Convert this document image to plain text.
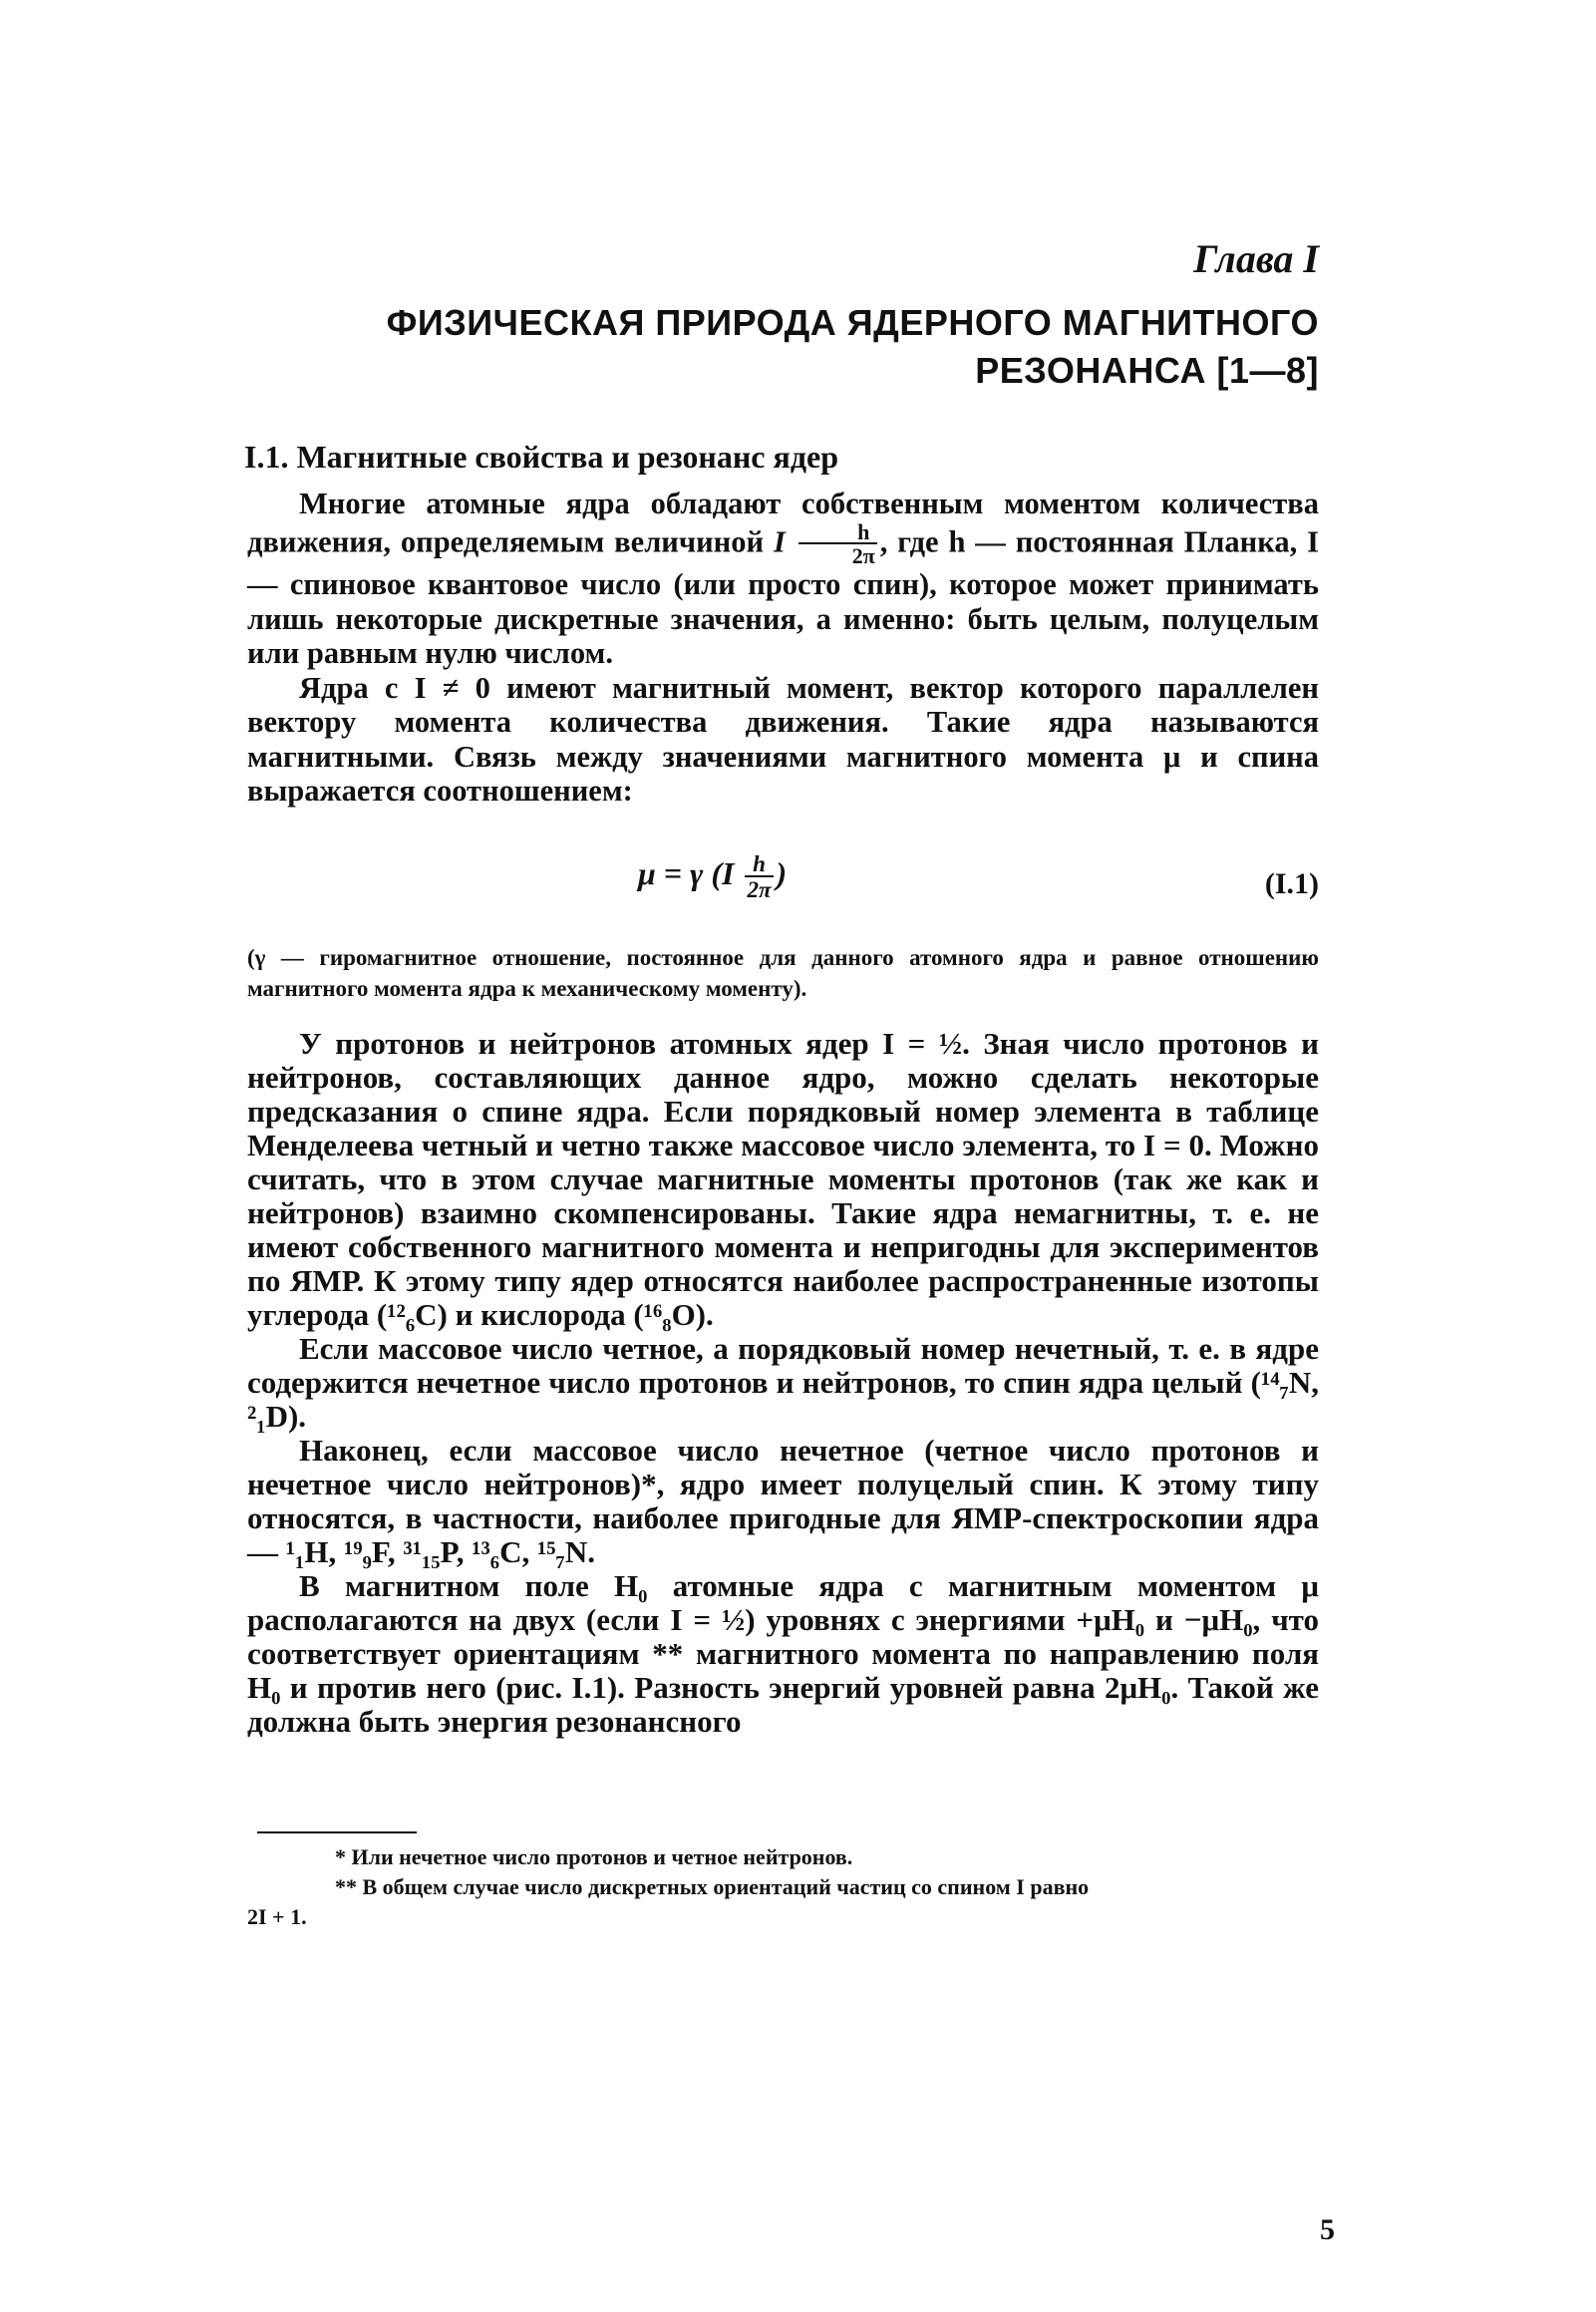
Глава I
ФИЗИЧЕСКАЯ ПРИРОДА ЯДЕРНОГО МАГНИТНОГО
РЕЗОНАНСА [1—8]
I.1. Магнитные свойства и резонанс ядер

Многие атомные ядра обладают собственным моментом количества движения, определяемым величиной I $\frac{h}{2\pi}$ , где h — постоянная Планка, I — спиновое квантовое число (или просто спин), которое может принимать лишь некоторые дискретные значения, а именно: быть целым, полуцелым или равным нулю числом.

Ядра с I ≠ 0 имеют магнитный момент, вектор которого параллелен вектору момента количества движения. Такие ядра называются магнитными. Связь между значениями магнитного момента μ и спина выражается соотношением:

μ = γ ($I \frac{h}{2\pi}$ )	(I.1)
(γ — гиромагнитное отношение, постоянное для данного атомного ядра и равное отношению магнитного момента ядра к механическому моменту).

У протонов и нейтронов атомных ядер I = ½. Зная число протонов и нейтронов, составляющих данное ядро, можно сделать некоторые предсказания о спине ядра. Если порядковый номер элемента в таблице Менделеева четный и четно также массовое число элемента, то I = 0. Можно считать, что в этом случае магнитные моменты протонов (так же как и нейтронов) взаимно скомпенсированы. Такие ядра немагнитны, т. е. не имеют собственного магнитного момента и непригодны для экспериментов по ЯМР. К этому типу ядер относятся наиболее распространенные изотопы углерода (¹²₆C) и кислорода (¹⁶₈O).

Если массовое число четное, а порядковый номер нечетный, т. е. в ядре содержится нечетное число протонов и нейтронов, то спин ядра целый (¹⁴₇N, ²₁D).

Наконец, если массовое число нечетное (четное число протонов и нечетное число нейтронов)*, ядро имеет полуцелый спин. К этому типу относятся, в частности, наиболее пригодные для ЯМР-спектроскопии ядра — ¹₁H, ¹⁹₉F, ³¹₁₅P, ¹³₆C, ¹⁵₇N.

В магнитном поле H₀ атомные ядра с магнитным моментом μ располагаются на двух (если I = ½) уровнях с энергиями +μH₀ и −μH₀, что соответствует ориентациям ** магнитного момента по направлению поля H₀ и против него (рис. I.1). Разность энергий уровней равна 2μH₀. Такой же должна быть энергия резонансного

* Или нечетное число протонов и четное нейтронов.

** В общем случае число дискретных ориентаций частиц со спином I равно

2I + 1.

5
